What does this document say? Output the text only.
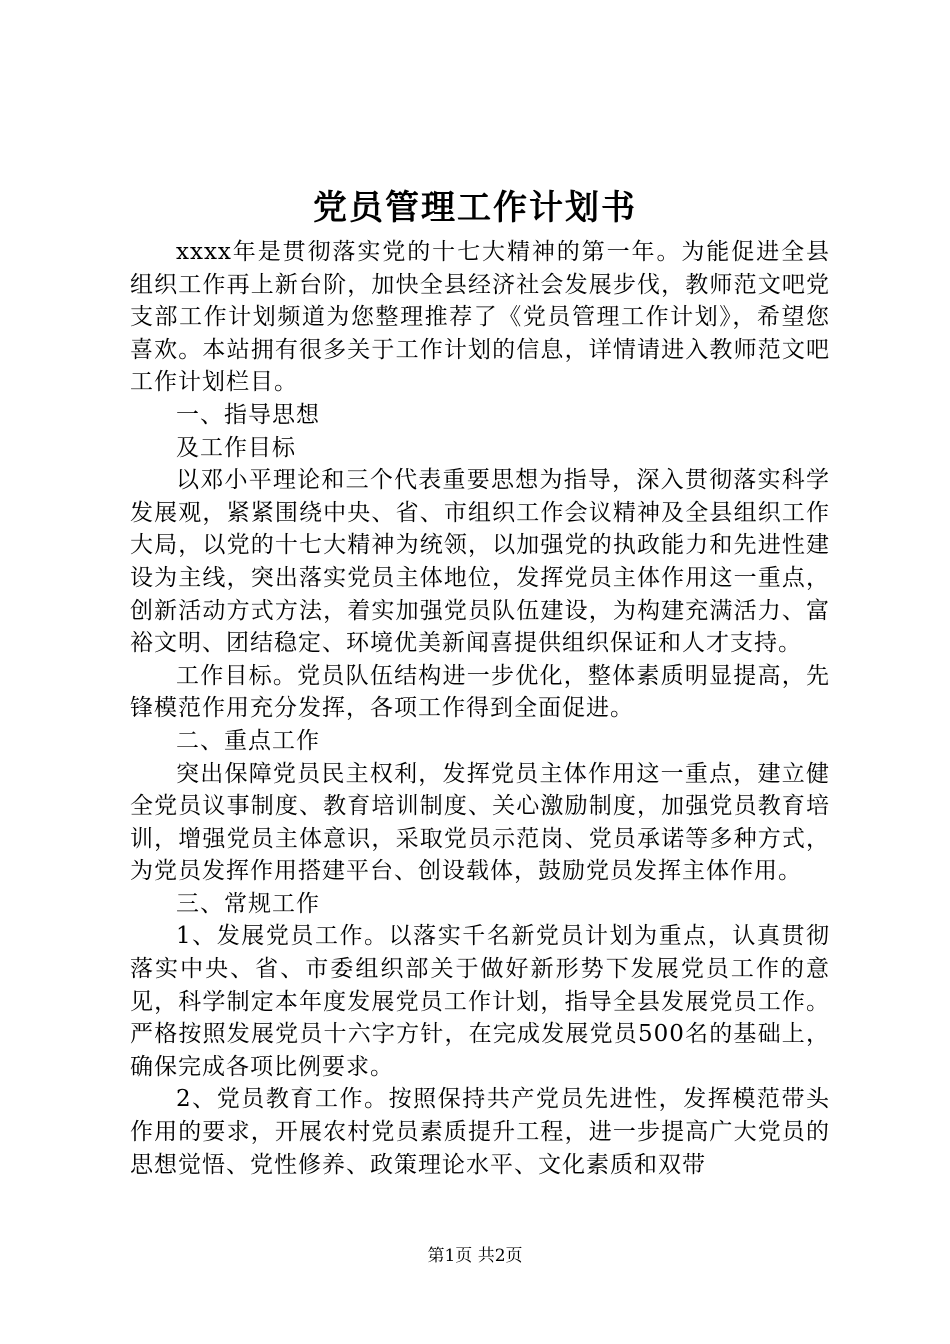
党员管理工作计划书

xxxx年是贯彻落实党的十七大精神的第一年。为能促进全县组织工作再上新台阶，加快全县经济社会发展步伐，教师范文吧党支部工作计划频道为您整理推荐了《党员管理工作计划》，希望您喜欢。本站拥有很多关于工作计划的信息，详情请进入教师范文吧工作计划栏目。

一、指导思想

及工作目标

以邓小平理论和三个代表重要思想为指导，深入贯彻落实科学发展观，紧紧围绕中央、省、市组织工作会议精神及全县组织工作大局，以党的十七大精神为统领，以加强党的执政能力和先进性建设为主线，突出落实党员主体地位，发挥党员主体作用这一重点，创新活动方式方法，着实加强党员队伍建设，为构建充满活力、富裕文明、团结稳定、环境优美新闻喜提供组织保证和人才支持。

工作目标。党员队伍结构进一步优化，整体素质明显提高，先锋模范作用充分发挥，各项工作得到全面促进。

二、重点工作

突出保障党员民主权利，发挥党员主体作用这一重点，建立健全党员议事制度、教育培训制度、关心激励制度，加强党员教育培训，增强党员主体意识，采取党员示范岗、党员承诺等多种方式，为党员发挥作用搭建平台、创设载体，鼓励党员发挥主体作用。

三、常规工作

1、发展党员工作。以落实千名新党员计划为重点，认真贯彻落实中央、省、市委组织部关于做好新形势下发展党员工作的意见，科学制定本年度发展党员工作计划，指导全县发展党员工作。严格按照发展党员十六字方针，在完成发展党员500名的基础上，确保完成各项比例要求。

2、党员教育工作。按照保持共产党员先进性，发挥模范带头作用的要求，开展农村党员素质提升工程，进一步提高广大党员的思想觉悟、党性修养、政策理论水平、文化素质和双带

第1页 共2页
